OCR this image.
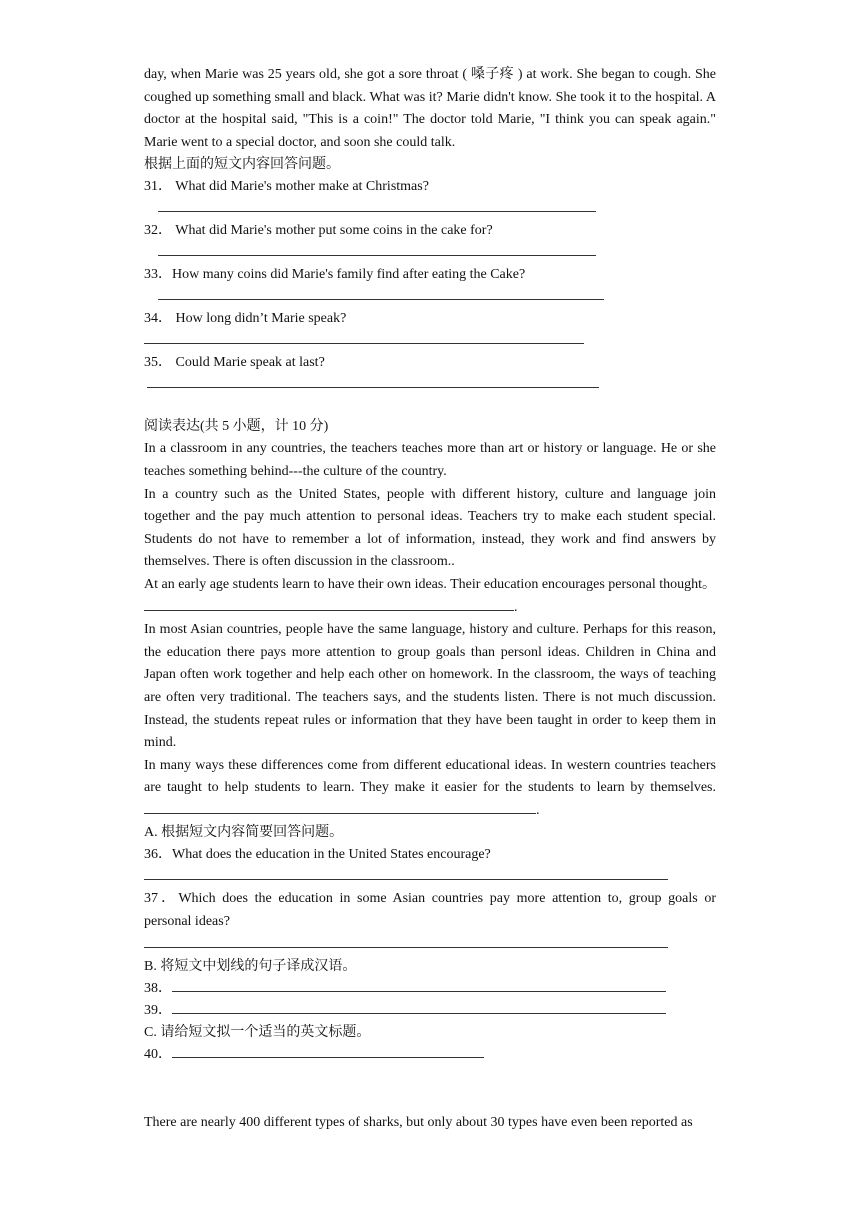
day, when Marie was 25 years old, she got a sore throat ( 嗓子疼 ) at work. She began to cough. She coughed up something small and black. What was it? Marie didn't know. She took it to the hospital. A doctor at the hospital said, "This is a coin!" The doctor told Marie, "I think you can speak again." Marie went to a special doctor, and soon she could talk.

根据上面的短文内容回答问题。

31． What did Marie's mother make at Christmas?

32． What did Marie's mother put some coins in the cake for?

33．How many coins did Marie's family find after eating the Cake?

34． How long didn’t Marie speak?

35． Could Marie speak at last?

阅读表达(共 5 小题，计 10 分)

In a classroom in any countries, the teachers teaches more than art or history or language. He or she teaches something behind---the culture of the country.

In a country such as the United States, people with different history, culture and language join together and the pay much attention to personal ideas. Teachers try to make each student special. Students do not have to remember a lot of information, instead, they work and find answers by themselves. There is often discussion in the classroom..

At an early age students learn to have their own ideas. Their education encourages personal thought。.

In most Asian countries, people have the same language, history and culture. Perhaps for this reason, the education there pays more attention to group goals than personl ideas. Children in China and Japan often work together and help each other on homework. In the classroom, the ways of teaching are often very traditional. The teachers says, and the students listen. There is not much discussion. Instead, the students repeat rules or information that they have been taught in order to keep them in mind.

In many ways these differences come from different educational ideas. In western countries teachers are taught to help students to learn. They make it easier for the students to learn by themselves..

A. 根据短文内容简要回答问题。

36．What does the education in the United States encourage?

37．Which does the education in some Asian countries pay more attention to, group goals or personal ideas?

B. 将短文中划线的句子译成汉语。

38．

39．

C. 请给短文拟一个适当的英文标题。

40．

There are nearly 400 different types of sharks, but only about 30 types have even been reported as
